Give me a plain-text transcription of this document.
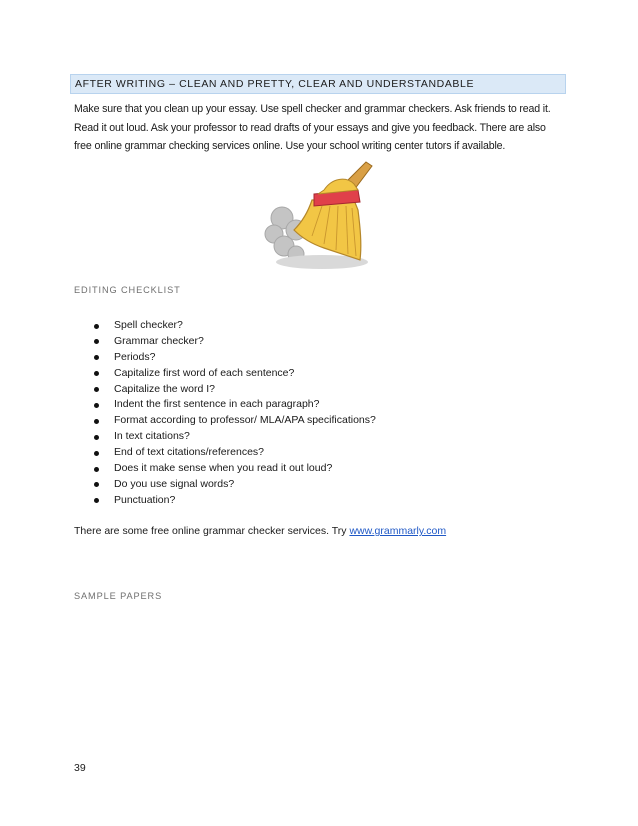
AFTER WRITING – CLEAN AND PRETTY, CLEAR AND UNDERSTANDABLE

Make sure that you clean up your essay. Use spell checker and grammar checkers. Ask friends to read it.

Read it out loud. Ask your professor to read drafts of your essays and give you feedback. There are also

free online grammar checking services online. Use your school writing center tutors if available.

EDITING CHECKLIST
Spell checker?
Grammar checker?
Periods?
Capitalize first word of each sentence?
Capitalize the word I?
Indent the first sentence in each paragraph?
Format according to professor/ MLA/APA specifications?
In text citations?
End of text citations/references?
Does it make sense when you read it out loud?
Do you use signal words?
Punctuation?
There are some free online grammar checker services. Try www.grammarly.com
SAMPLE PAPERS
39
